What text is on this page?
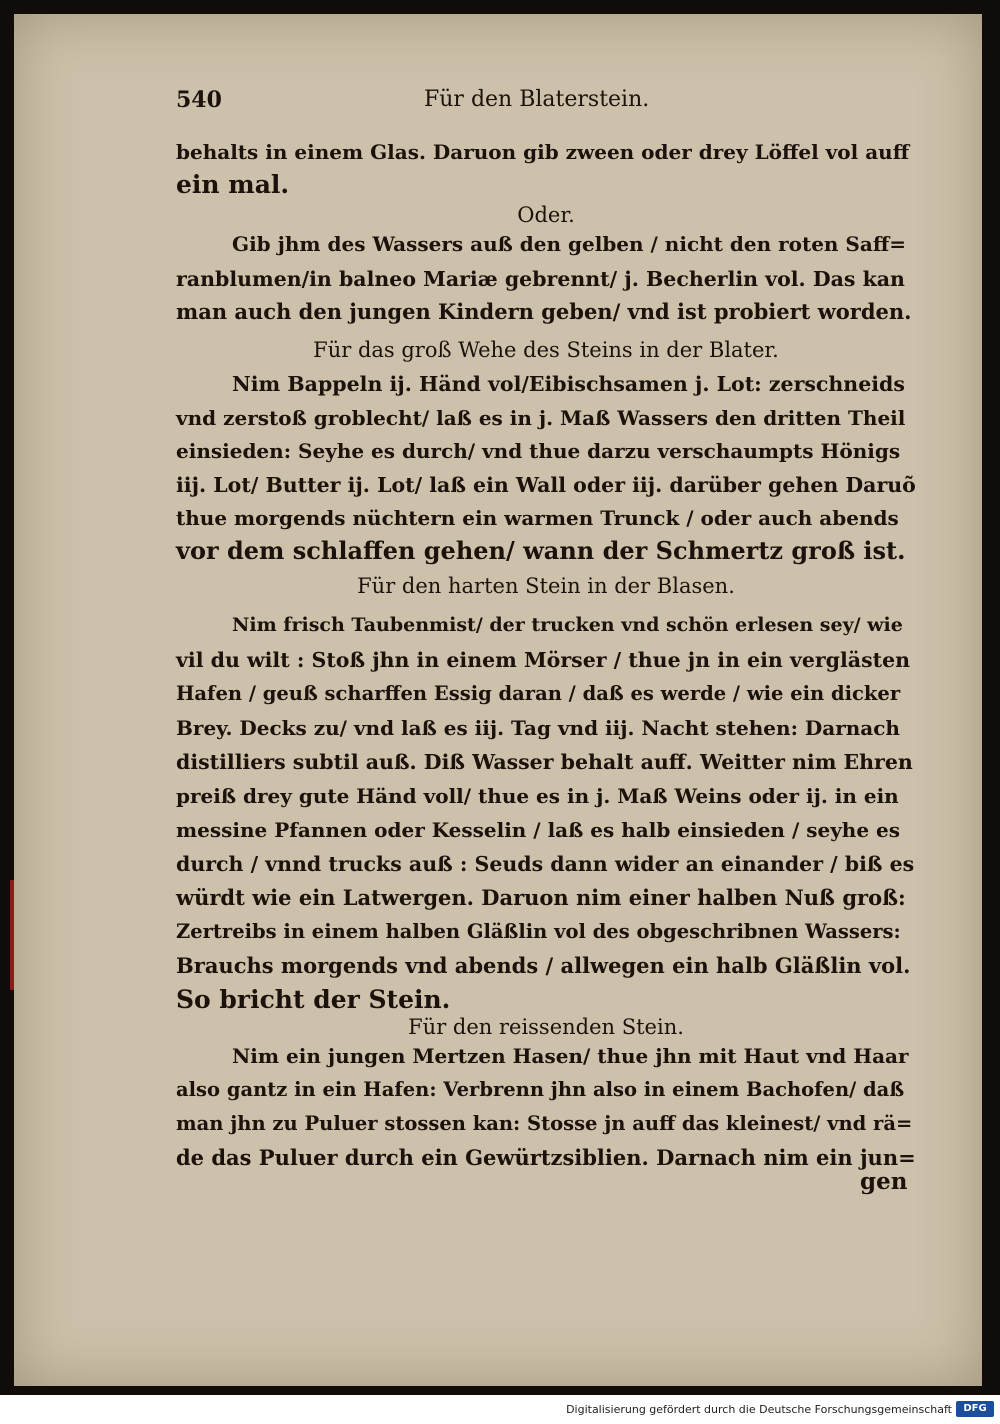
540	Für den Blaterstein.
behalts in einem Glas. Daruon gib zween oder drey Löffel vol auff
ein mal.
Oder.
Gib jhm des Wassers auß den gelben / nicht den roten Saff=
ranblumen/in balneo Mariæ gebrennt/ j. Becherlin vol. Das kan
man auch den jungen Kindern geben/ vnd ist probiert worden.
Für das groß Wehe des Steins in der Blater.
Nim Bappeln ij. Händ vol/Eibischsamen j. Lot: zerschneids
vnd zerstoß groblecht/ laß es in j. Maß Wassers den dritten Theil
einsieden: Seyhe es durch/ vnd thue darzu verschaumpts Hönigs
iij. Lot/ Butter ij. Lot/ laß ein Wall oder iij. darüber gehen Daruõ
thue morgends nüchtern ein warmen Trunck / oder auch abends
vor dem schlaffen gehen/ wann der Schmertz groß ist.
Für den harten Stein in der Blasen.
Nim frisch Taubenmist/ der trucken vnd schön erlesen sey/ wie
vil du wilt : Stoß jhn in einem Mörser / thue jn in ein verglästen
Hafen / geuß scharffen Essig daran / daß es werde / wie ein dicker
Brey. Decks zu/ vnd laß es iij. Tag vnd iij. Nacht stehen: Darnach
distilliers subtil auß. Diß Wasser behalt auff. Weitter nim Ehren
preiß drey gute Händ voll/ thue es in j. Maß Weins oder ij. in ein
messine Pfannen oder Kesselin / laß es halb einsieden / seyhe es
durch / vnnd trucks auß : Seuds dann wider an einander / biß es
würdt wie ein Latwergen. Daruon nim einer halben Nuß groß:
Zertreibs in einem halben Gläßlin vol des obgeschribnen Wassers:
Brauchs morgends vnd abends / allwegen ein halb Gläßlin vol.
So bricht der Stein.
Für den reissenden Stein.
Nim ein jungen Mertzen Hasen/ thue jhn mit Haut vnd Haar
also gantz in ein Hafen: Verbrenn jhn also in einem Bachofen/ daß
man jhn zu Puluer stossen kan: Stosse jn auff das kleinest/ vnd rä=
de das Puluer durch ein Gewürtzsiblien. Darnach nim ein jun=
gen
Digitalisierung gefördert durch die Deutsche Forschungsgemeinschaft	DFG
